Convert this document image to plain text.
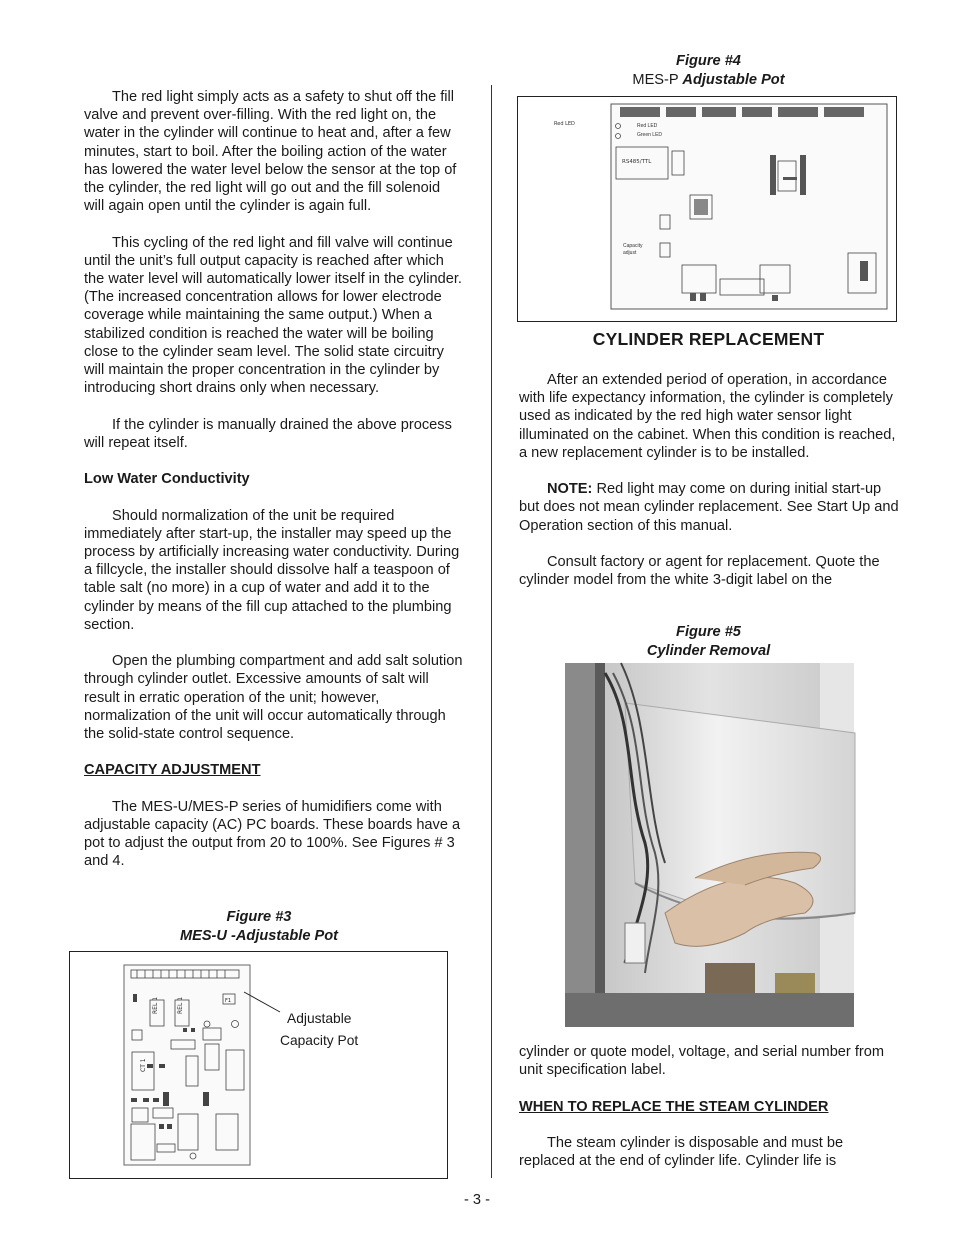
The red light simply acts as a safety to shut off the fill valve and prevent over-filling. With the red light on, the water in the cylinder will continue to heat and, after a few minutes, start to boil. After the boiling action of the water has lowered the water level below the sensor at the top of the cylinder, the red light will go out and the fill solenoid will again open until the cylinder is again full.

This cycling of the red light and fill valve will continue until the unit’s full output capacity is reached after which the water level will automatically lower itself in the cylinder. (The increased concentration allows for lower electrode coverage while maintaining the same output.) When a stabilized condition is reached the water will be boiling close to the cylinder seam level. The solid state circuitry will maintain the proper concentration in the cylinder by introducing short drains only when necessary.

If the cylinder is manually drained the above process will repeat itself.

Low Water Conductivity

Should normalization of the unit be required immediately after start-up, the installer may speed up the process by artificially increasing water conductivity. During a fillcycle, the installer should dissolve half a teaspoon of table salt (no more) in a cup of water and add it to the cylinder by means of the fill cup attached to the plumbing section.

Open the plumbing compartment and add salt solution through cylinder outlet. Excessive amounts of salt will result in erratic operation of the unit; however, normalization of the unit will occur automatically through the solid-state control sequence.

CAPACITY ADJUSTMENT

The MES-U/MES-P series of humidifiers come with adjustable capacity (AC) PC boards. These boards have a pot to adjust the output from 20 to 100%. See Figures # 3 and 4.

Figure #3
MES-U -Adjustable Pot
REL 1	REL 1
CT 1
F1
Adjustable
Capacity Pot
Figure #4
MES-P Adjustable Pot
Red LED
RS485/TTL
Red LED
Green LED
Capacity
adjust
CYLINDER REPLACEMENT

After an extended period of operation, in accordance with life expectancy information, the cylinder is completely used as indicated by the red high water sensor light illuminated on the cabinet. When this condition is reached, a new replacement cylinder is to be installed.

NOTE: Red light may come on during initial start-up but does not mean cylinder replacement. See Start Up and Operation section of this manual.

Consult factory or agent for replacement. Quote the cylinder model from the white 3-digit label on the

Figure #5
Cylinder Removal

cylinder or quote model, voltage, and serial number from unit specification label.

WHEN TO REPLACE THE STEAM CYLINDER

The steam cylinder is disposable and must be replaced at the end of cylinder life. Cylinder life is

- 3 -
